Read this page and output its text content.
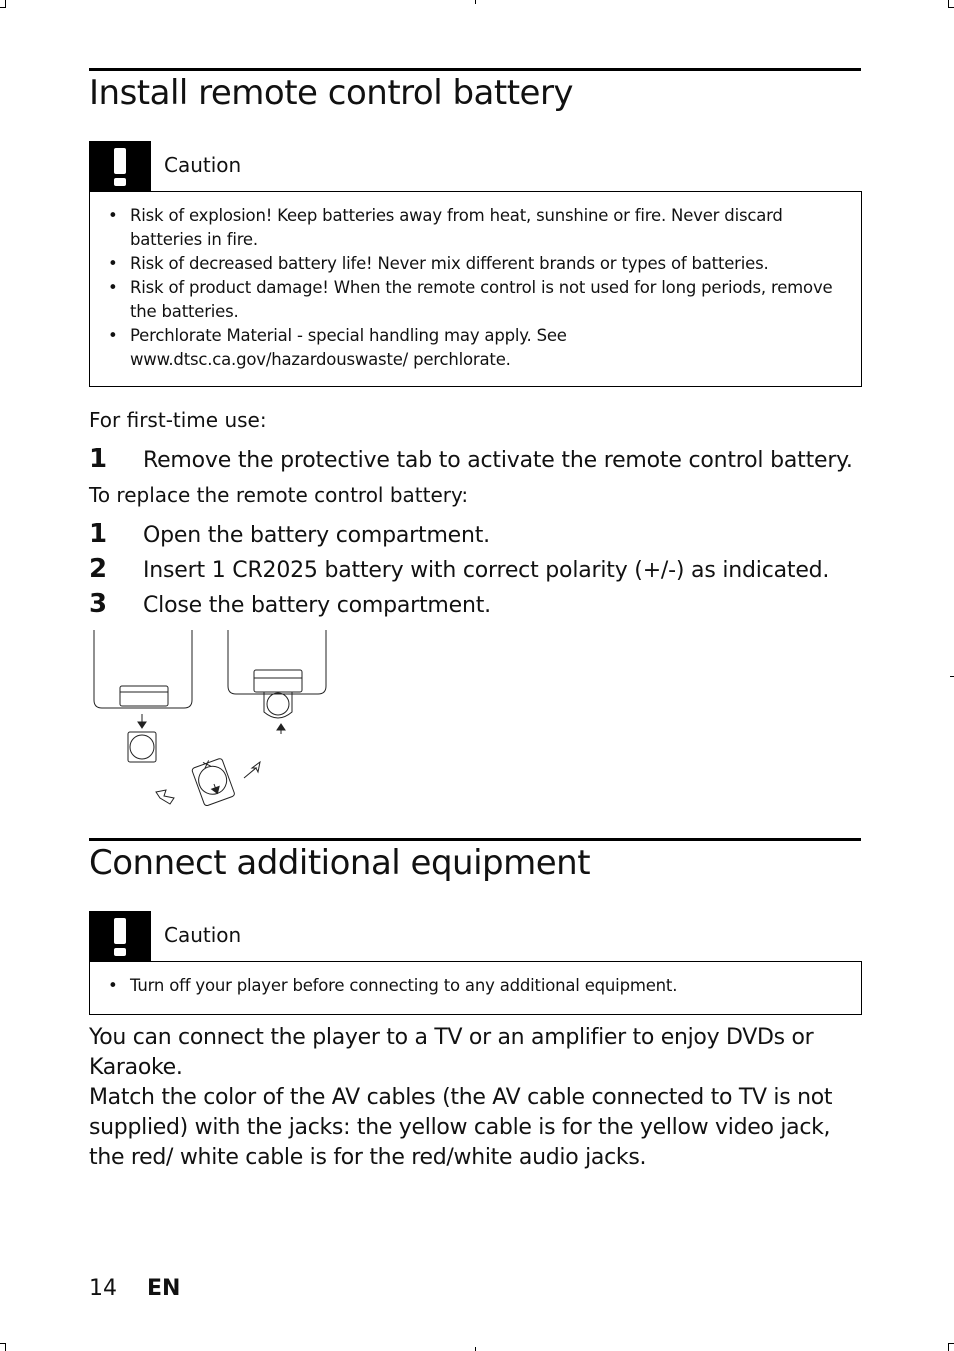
Install remote control battery
Caution
• Risk of explosion! Keep batteries away from heat, sunshine or fire. Never discard batteries in fire.
• Risk of decreased battery life! Never mix different brands or types of batteries.
• Risk of product damage! When the remote control is not used for long periods, remove the batteries.
• Perchlorate Material - special handling may apply. See www.dtsc.ca.gov/hazardouswaste/ perchlorate.
For first-time use:
1 Remove the protective tab to activate the remote control battery.
To replace the remote control battery:
1 Open the battery compartment.
2 Insert 1 CR2025 battery with correct polarity (+/-) as indicated.
3 Close the battery compartment.
Connect additional equipment
Caution
• Turn off your player before connecting to any additional equipment.

You can connect the player to a TV or an amplifier to enjoy DVDs or Karaoke.

Match the color of the AV cables (the AV cable connected to TV is not supplied) with the jacks: the yellow cable is for the yellow video jack, the red/ white cable is for the red/white audio jacks.

14 EN
